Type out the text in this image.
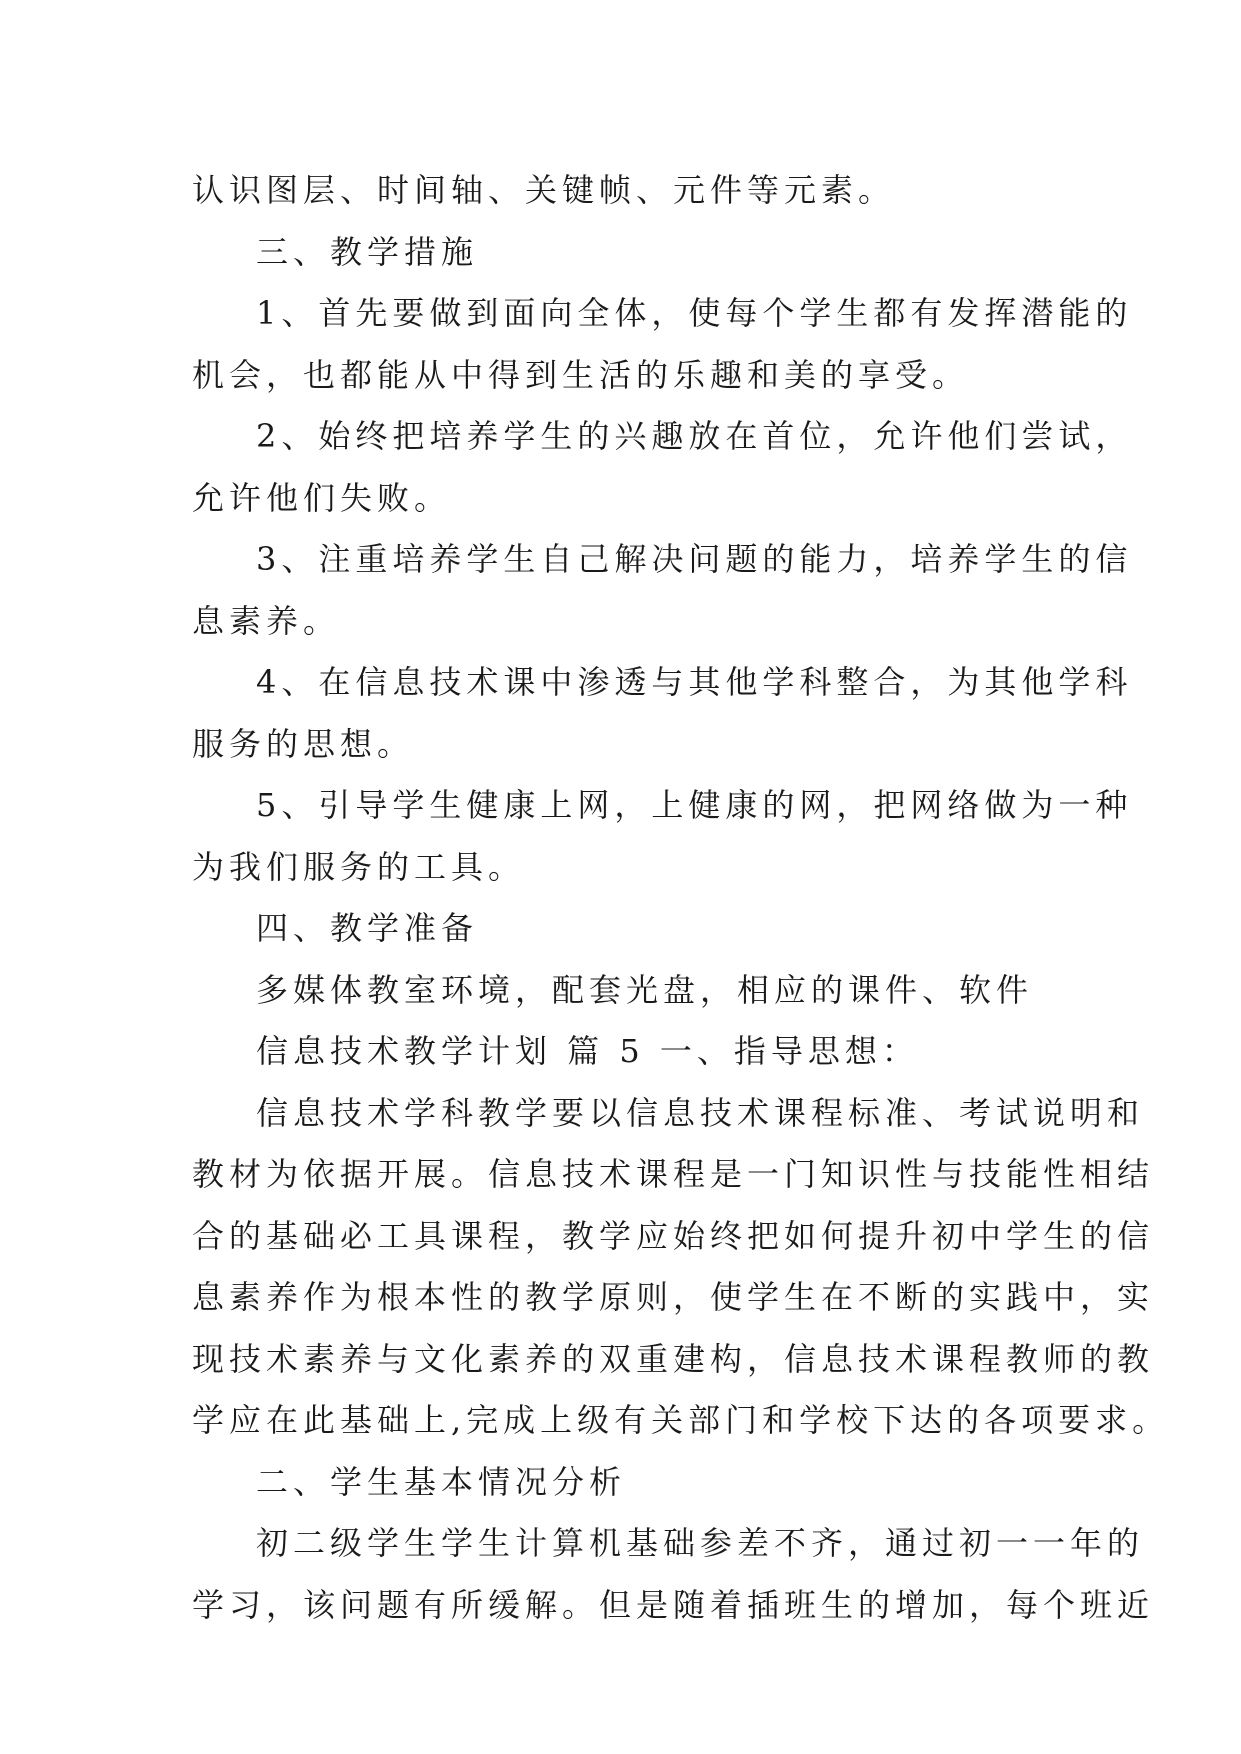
认识图层、时间轴、关键帧、元件等元素。
三、教学措施
1、首先要做到面向全体，使每个学生都有发挥潜能的
机会，也都能从中得到生活的乐趣和美的享受。
2、始终把培养学生的兴趣放在首位，允许他们尝试，
允许他们失败。
3、注重培养学生自己解决问题的能力，培养学生的信
息素养。
4、在信息技术课中渗透与其他学科整合，为其他学科
服务的思想。
5、引导学生健康上网，上健康的网，把网络做为一种
为我们服务的工具。
四、教学准备
多媒体教室环境，配套光盘，相应的课件、软件
信息技术教学计划 篇 5 一、指导思想：
信息技术学科教学要以信息技术课程标准、考试说明和
教材为依据开展。信息技术课程是一门知识性与技能性相结
合的基础必工具课程，教学应始终把如何提升初中学生的信
息素养作为根本性的教学原则，使学生在不断的实践中，实
现技术素养与文化素养的双重建构，信息技术课程教师的教
学应在此基础上,完成上级有关部门和学校下达的各项要求。
二、学生基本情况分析
初二级学生学生计算机基础参差不齐，通过初一一年的
学习，该问题有所缓解。但是随着插班生的增加，每个班近
